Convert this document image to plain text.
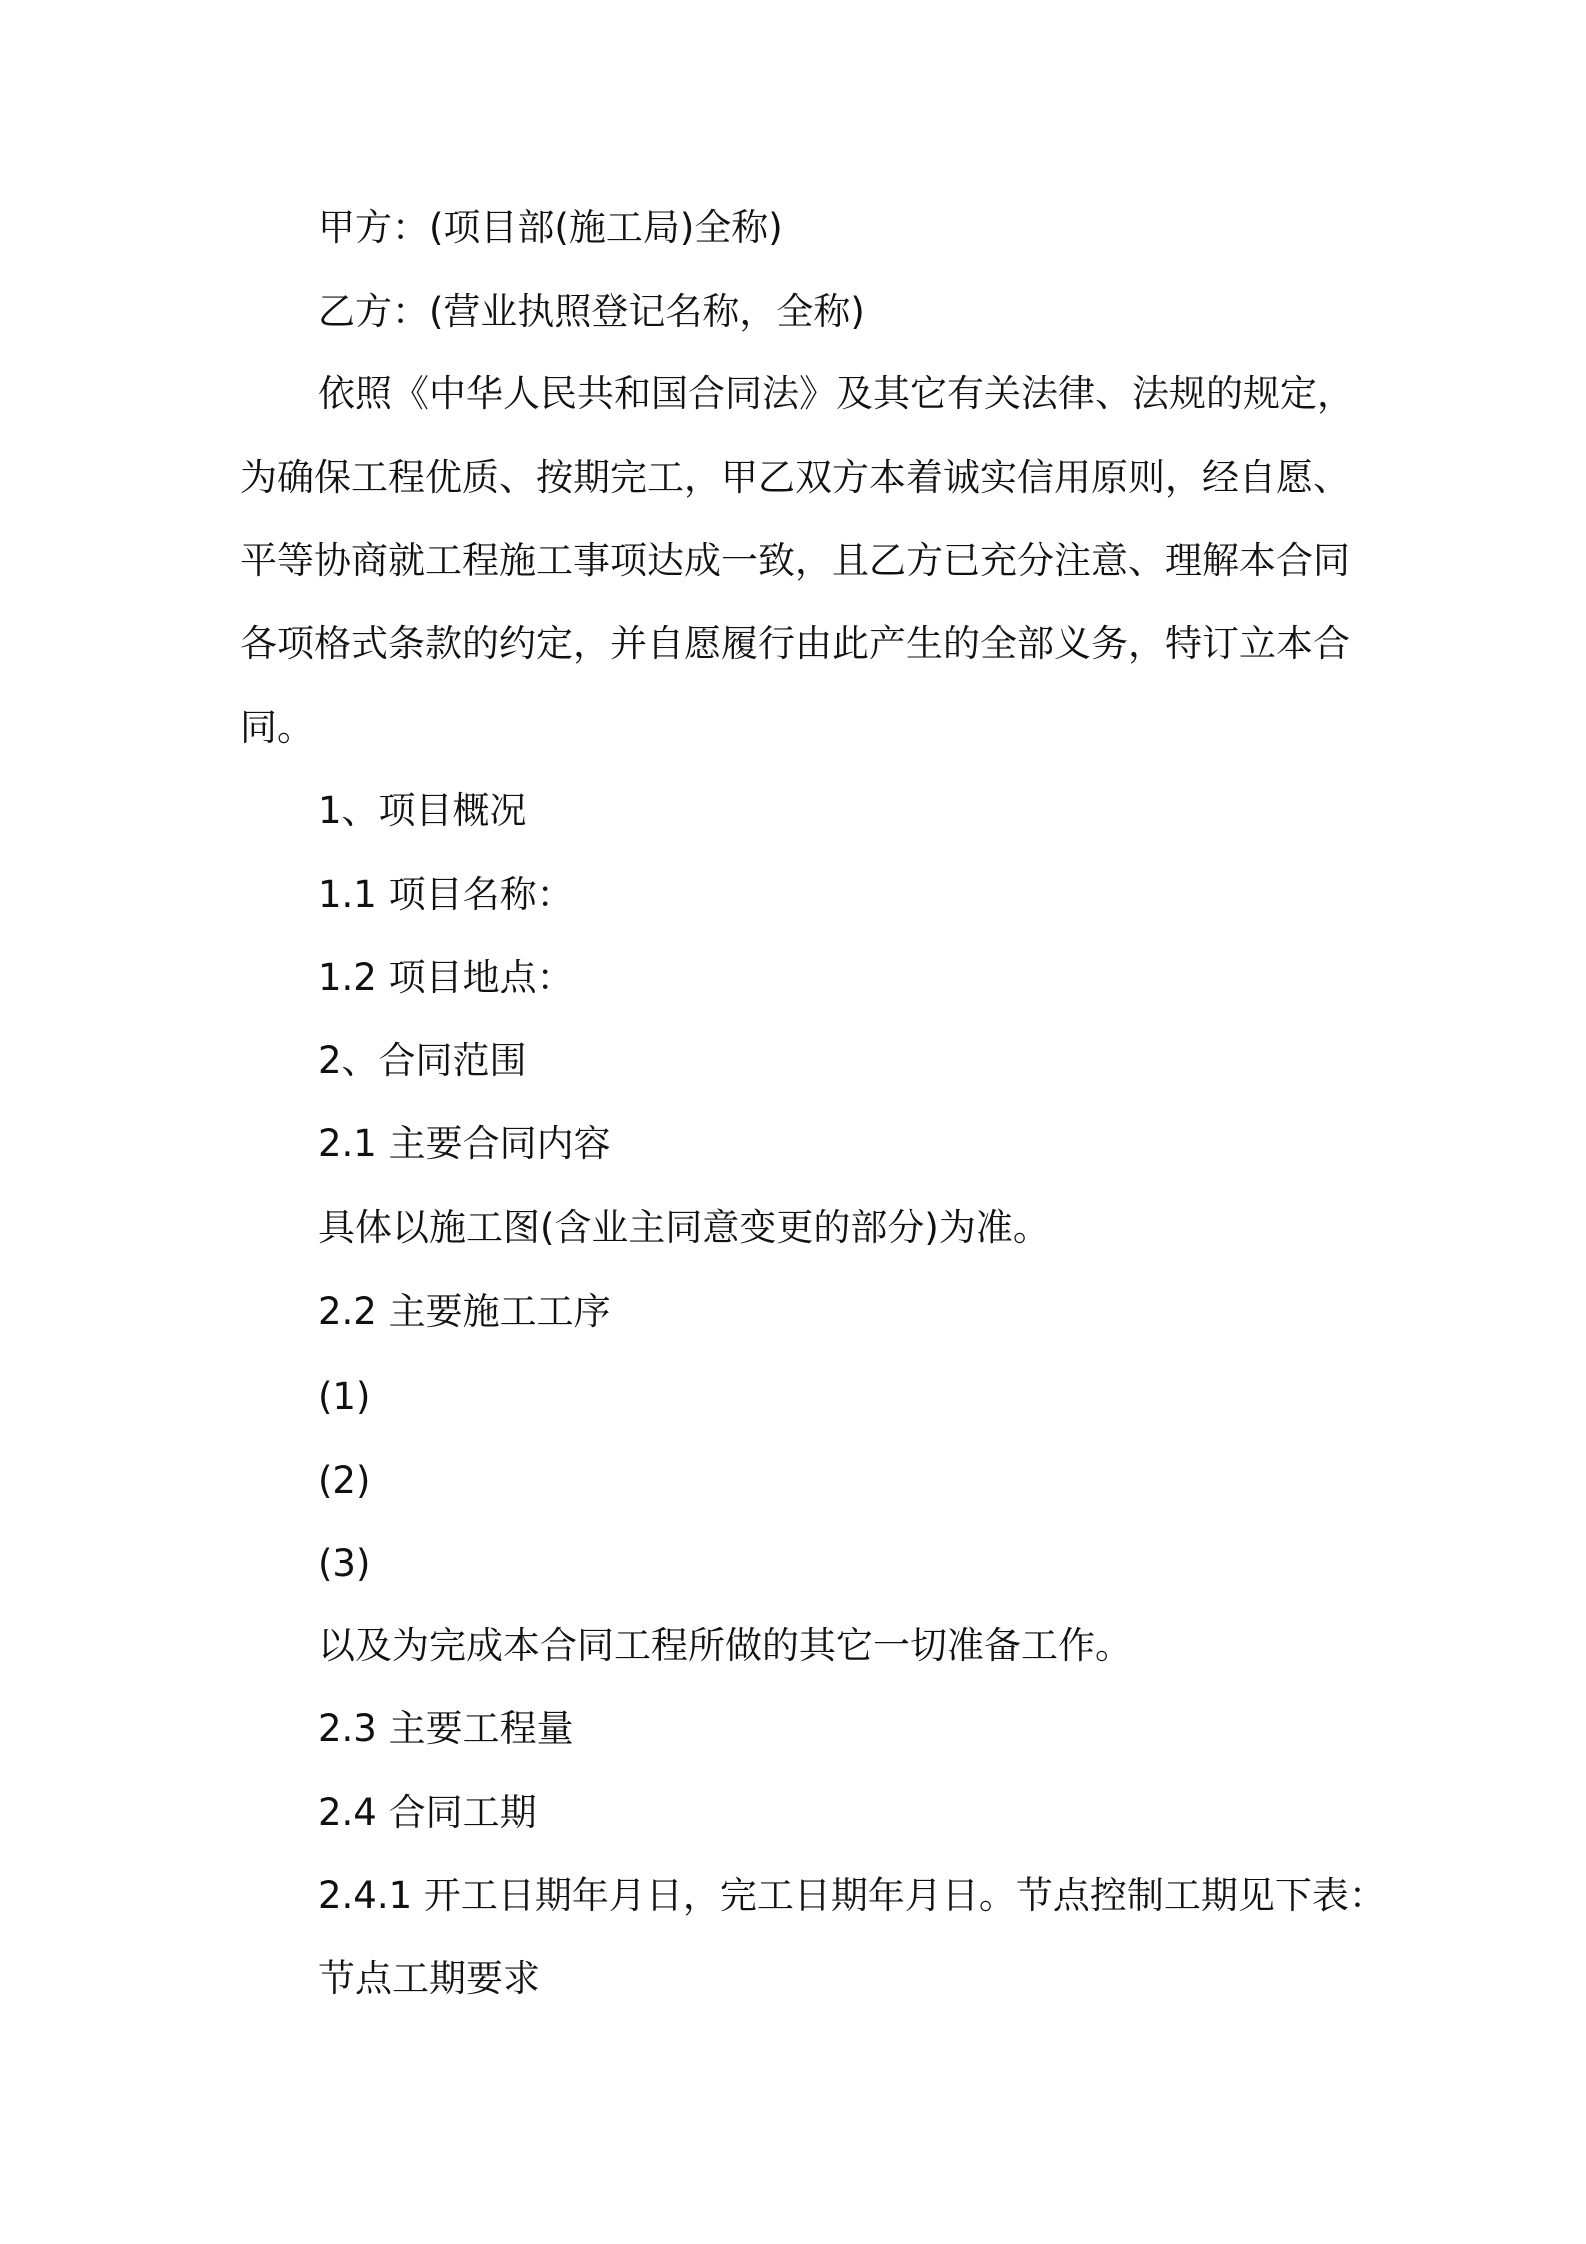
甲方：(项目部(施工局)全称)
乙方：(营业执照登记名称，全称)
依照《中华人民共和国合同法》及其它有关法律、法规的规定，
为确保工程优质、按期完工，甲乙双方本着诚实信用原则，经自愿、
平等协商就工程施工事项达成一致，且乙方已充分注意、理解本合同
各项格式条款的约定，并自愿履行由此产生的全部义务，特订立本合
同。
1、项目概况
1.1 项目名称：
1.2 项目地点：
2、合同范围
2.1 主要合同内容
具体以施工图(含业主同意变更的部分)为准。
2.2 主要施工工序
(1)
(2)
(3)
以及为完成本合同工程所做的其它一切准备工作。
2.3 主要工程量
2.4 合同工期
2.4.1 开工日期年月日，完工日期年月日。节点控制工期见下表：
节点工期要求
